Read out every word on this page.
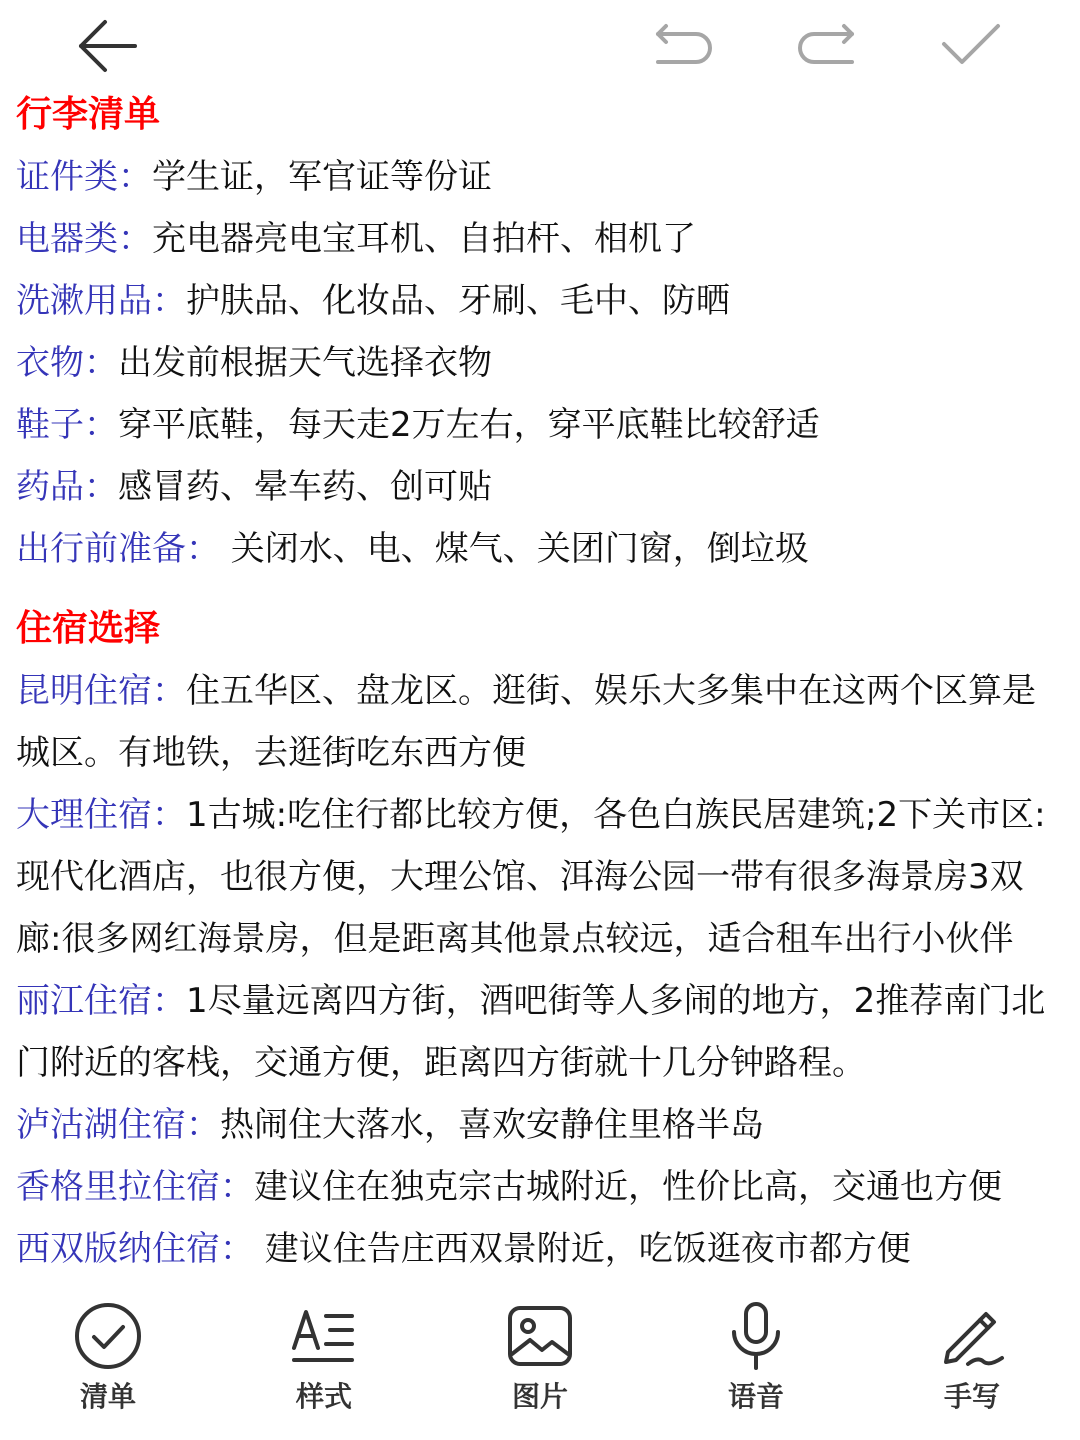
行李清单
证件类：学生证，军官证等份证
电器类：充电器亮电宝耳机、自拍杆、相机了
洗漱用品：护肤品、化妆品、牙刷、毛中、防晒
衣物：出发前根据天气选择衣物
鞋子：穿平底鞋，每天走2万左右，穿平底鞋比较舒适
药品：感冒药、晕车药、创可贴
出行前准备： 关闭水、电、煤气、关团门窗，倒垃圾
住宿选择
昆明住宿：住五华区、盘龙区。逛街、娱乐大多集中在这两个区算是城区。有地铁，去逛街吃东西方便
大理住宿：1古城:吃住行都比较方便，各色白族民居建筑;2下关市区:现代化酒店，也很方便，大理公馆、洱海公园一带有很多海景房3双廊:很多网红海景房，但是距离其他景点较远，适合租车出行小伙伴
丽江住宿：1尽量远离四方街，酒吧街等人多闹的地方，2推荐南门北门附近的客栈，交通方便，距离四方街就十几分钟路程。
泸沽湖住宿：热闹住大落水，喜欢安静住里格半岛
香格里拉住宿：建议住在独克宗古城附近，性价比高，交通也方便
西双版纳住宿： 建议住告庄西双景附近，吃饭逛夜市都方便
清单	样式	图片	语音	手写
